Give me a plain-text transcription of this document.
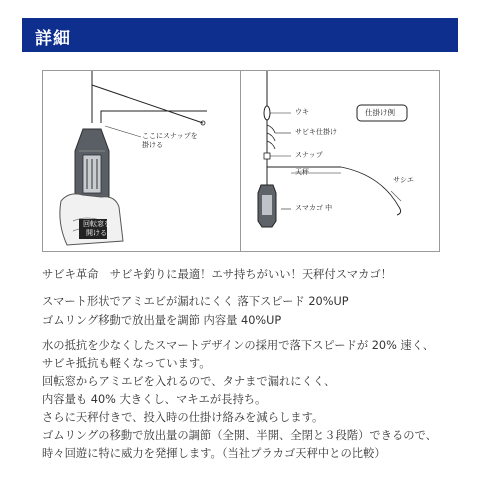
詳細
ここにスナップを
掛ける
回転窓を
開ける
仕掛け例
ウキ
サビキ仕掛け
スナップ
天秤
スマカゴ 中
サシエ
サビキ革命　サビキ釣りに最適！エサ持ちがいい！天秤付スマカゴ！
スマート形状でアミエビが漏れにくく 落下スピード 20%UP
ゴムリング移動で放出量を調節 内容量 40%UP
水の抵抗を少なくしたスマートデザインの採用で落下スピードが 20% 速く、
サビキ抵抗も軽くなっています。
回転窓からアミエビを入れるので、タナまで漏れにくく、
内容量も 40% 大きくし、マキエが長持ち。
さらに天秤付きで、投入時の仕掛け絡みを減らします。
ゴムリングの移動で放出量の調節（全開、半開、全閉と３段階）できるので、
時々回遊に特に威力を発揮します。（当社プラカゴ天秤中との比較）
